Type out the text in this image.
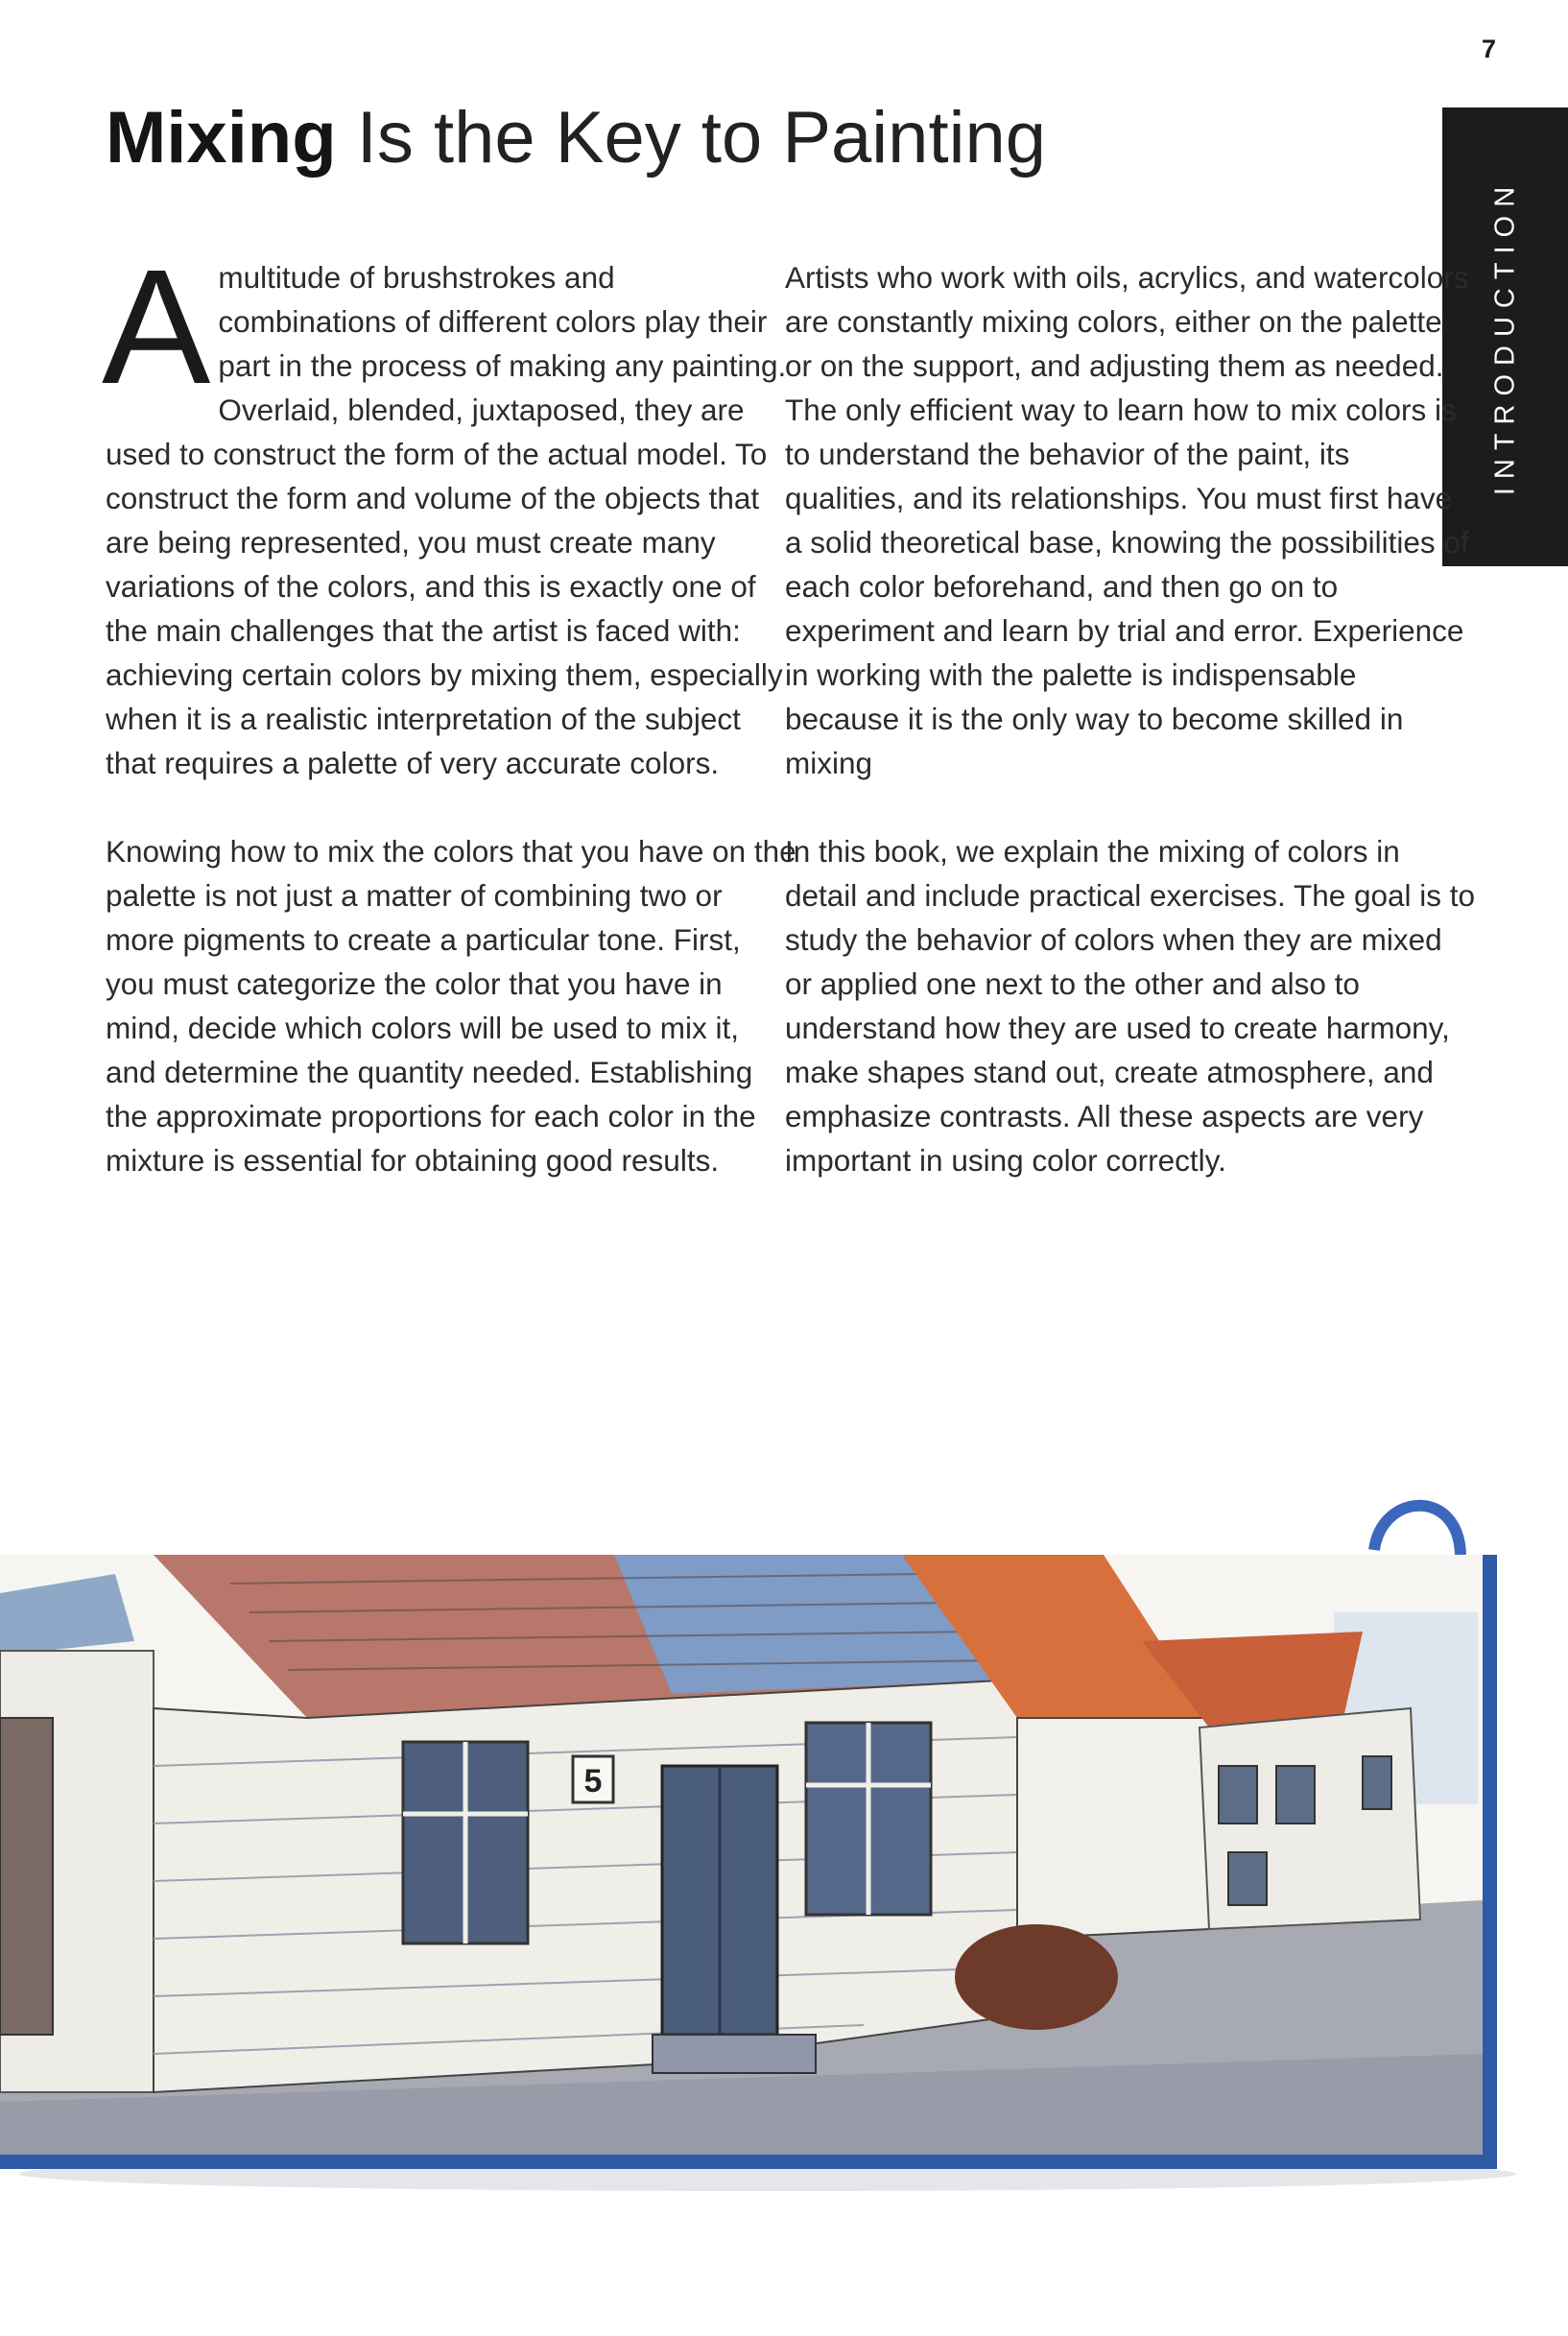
7
INTRODUCTION
Mixing Is the Key to Painting

Amultitude of brushstrokes and combinations of different colors play their part in the process of making any painting. Overlaid, blended, juxtaposed, they are used to construct the form of the actual model. To construct the form and volume of the objects that are being represented, you must create many variations of the colors, and this is exactly one of the main challenges that the artist is faced with: achieving certain colors by mixing them, especially when it is a realistic interpretation of the subject that requires a palette of very accurate colors.

Knowing how to mix the colors that you have on the palette is not just a matter of combining two or more pigments to create a particular tone. First, you must categorize the color that you have in mind, decide which colors will be used to mix it, and determine the quantity needed. Establishing the approximate proportions for each color in the mixture is essential for obtaining good results.

Artists who work with oils, acrylics, and watercolors are constantly mixing colors, either on the palette or on the support, and adjusting them as needed. The only efficient way to learn how to mix colors is to understand the behavior of the paint, its qualities, and its relationships. You must first have a solid theoretical base, knowing the possibilities of each color beforehand, and then go on to experiment and learn by trial and error. Experience in working with the palette is indispensable because it is the only way to become skilled in mixing

In this book, we explain the mixing of colors in detail and include practical exercises. The goal is to study the behavior of colors when they are mixed or applied one next to the other and also to understand how they are used to create harmony, make shapes stand out, create atmosphere, and emphasize contrasts. All these aspects are very important in using color correctly.

5
